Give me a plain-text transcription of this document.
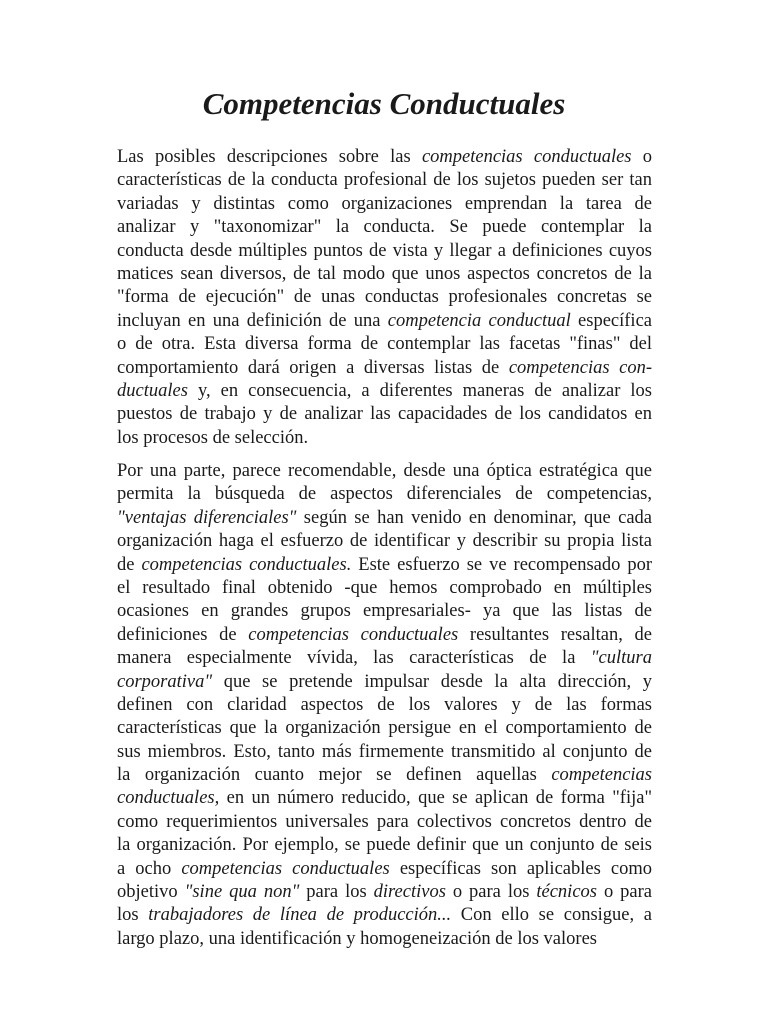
Competencias Conductuales
Las posibles descripciones sobre las competencias conductuales o
características de la conducta profesional de los sujetos pueden ser tan
variadas y distintas como organizaciones emprendan la tarea de
analizar y "taxonomizar" la conducta. Se puede contemplar la
conducta desde múltiples puntos de vista y llegar a definiciones cuyos
matices sean diversos, de tal modo que unos aspectos concretos de la
"forma de ejecución" de unas conductas profesionales concretas se
incluyan en una definición de una competencia conductual específica
o de otra. Esta diversa forma de contemplar las facetas "finas" del
comportamiento dará origen a diversas listas de competencias con-
ductuales y, en consecuencia, a diferentes maneras de analizar los
puestos de trabajo y de analizar las capacidades de los candidatos en
los procesos de selección.
Por una parte, parece recomendable, desde una óptica estratégica que
permita la búsqueda de aspectos diferenciales de competencias,
"ventajas diferenciales" según se han venido en denominar, que cada
organización haga el esfuerzo de identificar y describir su propia lista
de competencias conductuales. Este esfuerzo se ve recompensado por
el resultado final obtenido -que hemos comprobado en múltiples
ocasiones en grandes grupos empresariales- ya que las listas de
definiciones de competencias conductuales resultantes resaltan, de
manera especialmente vívida, las características de la "cultura
corporativa" que se pretende impulsar desde la alta dirección, y
definen con claridad aspectos de los valores y de las formas
características que la organización persigue en el comportamiento de
sus miembros. Esto, tanto más firmemente transmitido al conjunto de
la organización cuanto mejor se definen aquellas competencias
conductuales, en un número reducido, que se aplican de forma "fija"
como requerimientos universales para colectivos concretos dentro de
la organización. Por ejemplo, se puede definir que un conjunto de seis
a ocho competencias conductuales específicas son aplicables como
objetivo "sine qua non" para los directivos o para los técnicos o para
los trabajadores de línea de producción... Con ello se consigue, a
largo plazo, una identificación y homogeneización de los valores
